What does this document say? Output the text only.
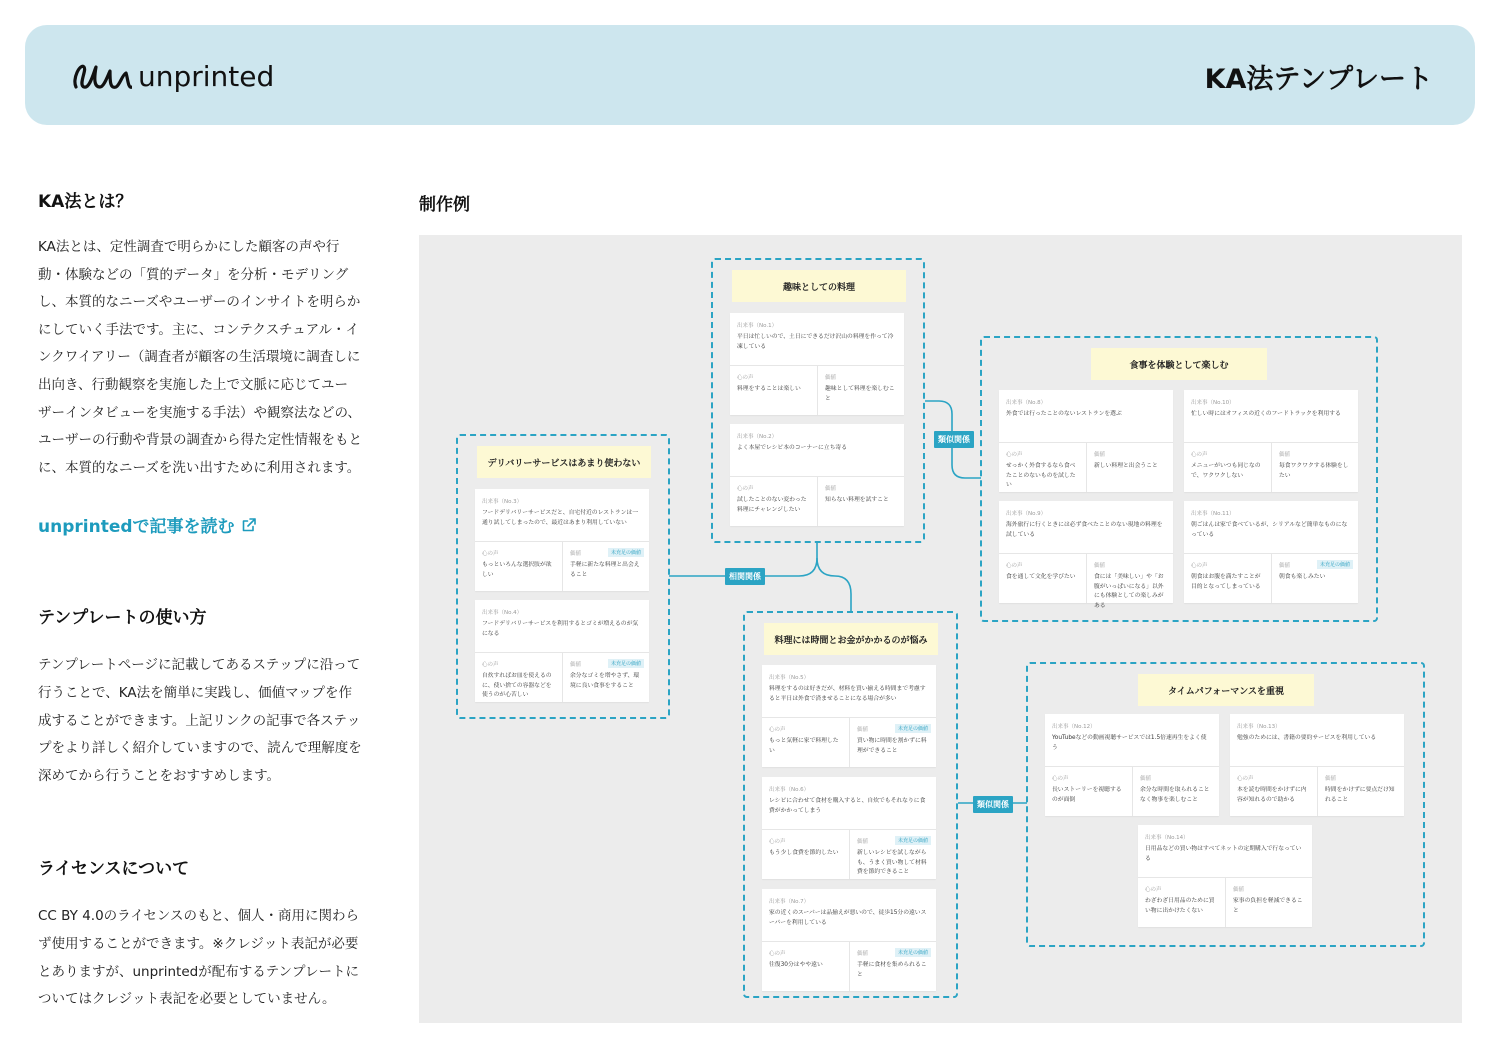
unprinted	KA法テンプレート
KA法とは？
KA法とは、定性調査で明らかにした顧客の声や行
動・体験などの「質的データ」を分析・モデリング
し、本質的なニーズやユーザーのインサイトを明らか
にしていく手法です。主に、コンテクスチュアル・イ
ンクワイアリー（調査者が顧客の生活環境に調査しに
出向き、行動観察を実施した上で文脈に応じてユー
ザーインタビューを実施する手法）や観察法などの、
ユーザーの行動や背景の調査から得た定性情報をもと
に、本質的なニーズを洗い出すために利用されます。
unprintedで記事を読む
テンプレートの使い方
テンプレートページに記載してあるステップに沿って
行うことで、KA法を簡単に実践し、価値マップを作
成することができます。上記リンクの記事で各ステッ
プをより詳しく紹介していますので、読んで理解度を
深めてから行うことをおすすめします。
ライセンスについて
CC BY 4.0のライセンスのもと、個人・商用に関わら
ず使用することができます。※クレジット表記が必要
とありますが、unprintedが配布するテンプレートに
ついてはクレジット表記を必要としていません。
制作例
趣味としての料理
出来事（No.1）
平日は忙しいので、土日にできるだけ沢山の料理を作って冷凍している
心の声
料理をすることは楽しい
価値
趣味として料理を楽しむこと
出来事（No.2）
よく本屋でレシピ本のコーナーに立ち寄る
心の声
試したことのない変わった料理にチャレンジしたい
価値
知らない料理を試すこと
デリバリーサービスはあまり使わない
出来事（No.3）
フードデリバリーサービスだと、自宅付近のレストランは一通り試してしまったので、最近はあまり利用していない
心の声
もっといろんな選択肢が欲しい
価値	未充足の価値
手軽に新たな料理と出会えること
出来事（No.4）
フードデリバリーサービスを利用するとゴミが増えるのが気になる
心の声
自炊すればお皿を使えるのに、使い捨ての容器などを使うのが心苦しい
価値	未充足の価値
余分なゴミを増やさず、環境に良い食事をすること
料理には時間とお金がかかるのが悩み
出来事（No.5）
料理をするのは好きだが、材料を買い揃える時間まで考慮すると平日は外食で済ませることになる場合が多い
心の声
もっと気軽に家で料理したい
価値	未充足の価値
買い物に時間を割かずに料理ができること
出来事（No.6）
レシピに合わせて食材を購入すると、自炊でもそれなりに食費がかかってしまう
心の声
もう少し食費を節約したい
価値	未充足の価値
新しいレシピを試しながらも、うまく買い物して材料費を節約できること
出来事（No.7）
家の近くのスーパーは品揃えが悪いので、徒歩15分の遠いスーパーを利用している
心の声
往復30分はやや遠い
価値	未充足の価値
手軽に食材を集められること
食事を体験として楽しむ
出来事（No.8）
外食では行ったことのないレストランを選ぶ
心の声
せっかく外食するなら食べたことのないものを試したい
価値
新しい料理と出会うこと
出来事（No.10）
忙しい時にはオフィスの近くのフードトラックを利用する
心の声
メニューがいつも同じなので、ワクワクしない
価値
毎食ワクワクする体験をしたい
出来事（No.9）
海外旅行に行くときには必ず食べたことのない現地の料理を試している
心の声
食を通して文化を学びたい
価値
食には「美味しい」や「お腹がいっぱいになる」以外にも体験としての楽しみがある
出来事（No.11）
朝ごはんは家で食べているが、シリアルなど簡単なものになっている
心の声
朝食はお腹を満たすことが目的となってしまっている
価値	未充足の価値
朝食も楽しみたい
タイムパフォーマンスを重視
出来事（No.12）
YouTubeなどの動画視聴サービスでは1.5倍速再生をよく使う
心の声
長いストーリーを視聴するのが面倒
価値
余分な時間を取られることなく物事を楽しむこと
出来事（No.13）
勉強のためには、書籍の要約サービスを利用している
心の声
本を読む時間をかけずに内容が知れるので助かる
価値
時間をかけずに要点だけ知れること
出来事（No.14）
日用品などの買い物はすべてネットの定期購入で行なっている
心の声
わざわざ日用品のために買い物に出かけたくない
価値
家事の負担を軽減できること
類似関係
相関関係
類似関係
